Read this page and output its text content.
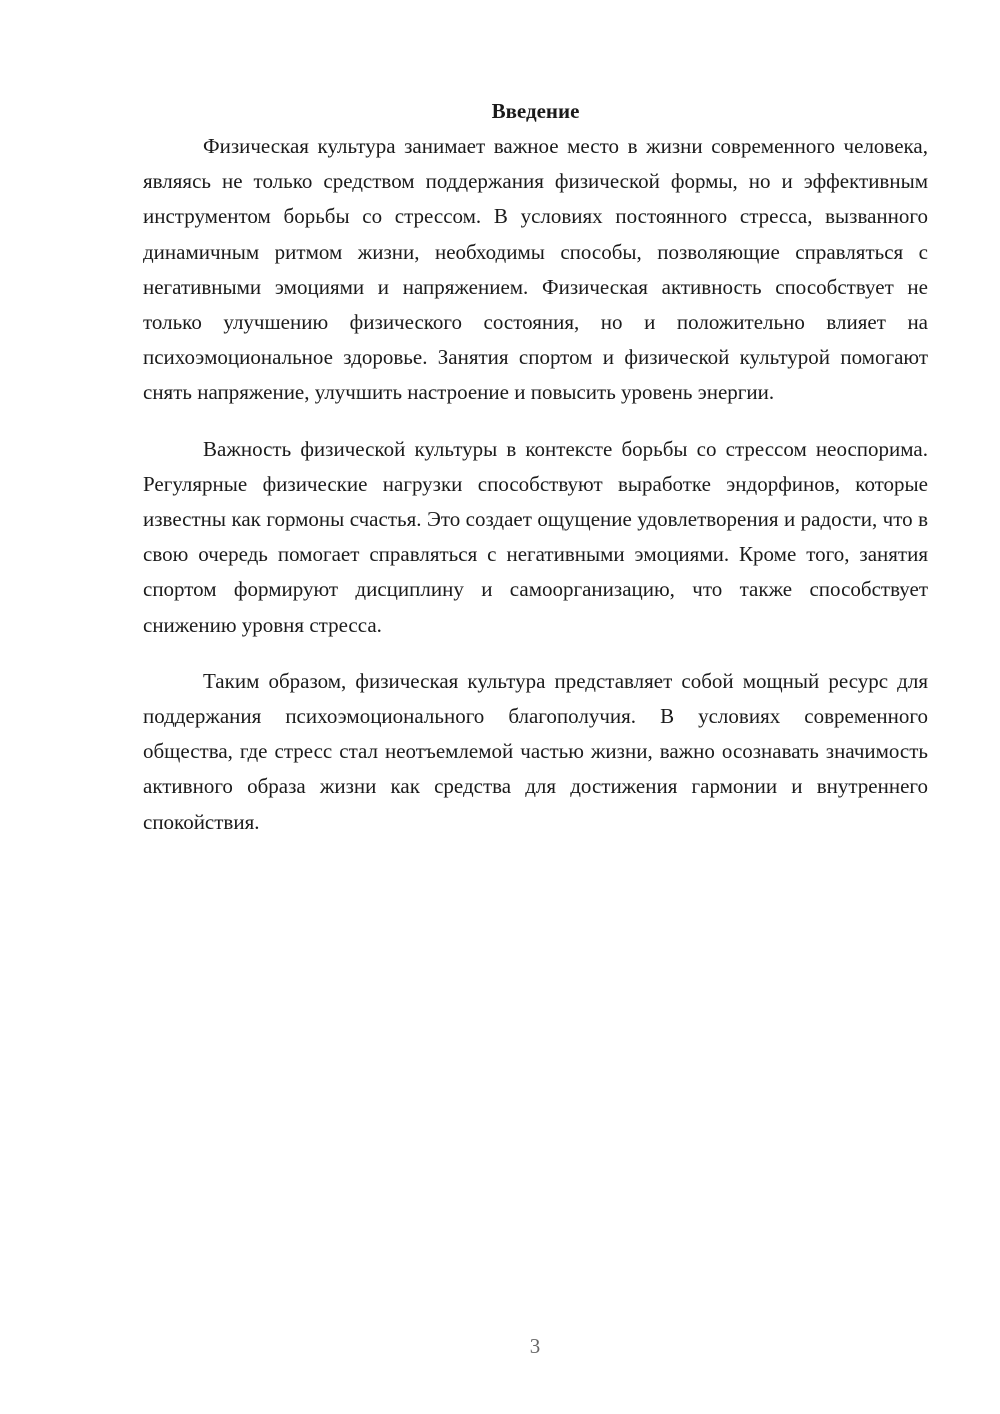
Введение

Физическая культура занимает важное место в жизни современного человека, являясь не только средством поддержания физической формы, но и эффективным инструментом борьбы со стрессом. В условиях постоянного стресса, вызванного динамичным ритмом жизни, необходимы способы, позволяющие справляться с негативными эмоциями и напряжением. Физическая активность способствует не только улучшению физического состояния, но и положительно влияет на психоэмоциональное здоровье. Занятия спортом и физической культурой помогают снять напряжение, улучшить настроение и повысить уровень энергии.

Важность физической культуры в контексте борьбы со стрессом неоспорима. Регулярные физические нагрузки способствуют выработке эндорфинов, которые известны как гормоны счастья. Это создает ощущение удовлетворения и радости, что в свою очередь помогает справляться с негативными эмоциями. Кроме того, занятия спортом формируют дисциплину и самоорганизацию, что также способствует снижению уровня стресса.

Таким образом, физическая культура представляет собой мощный ресурс для поддержания психоэмоционального благополучия. В условиях современного общества, где стресс стал неотъемлемой частью жизни, важно осознавать значимость активного образа жизни как средства для достижения гармонии и внутреннего спокойствия.

3
